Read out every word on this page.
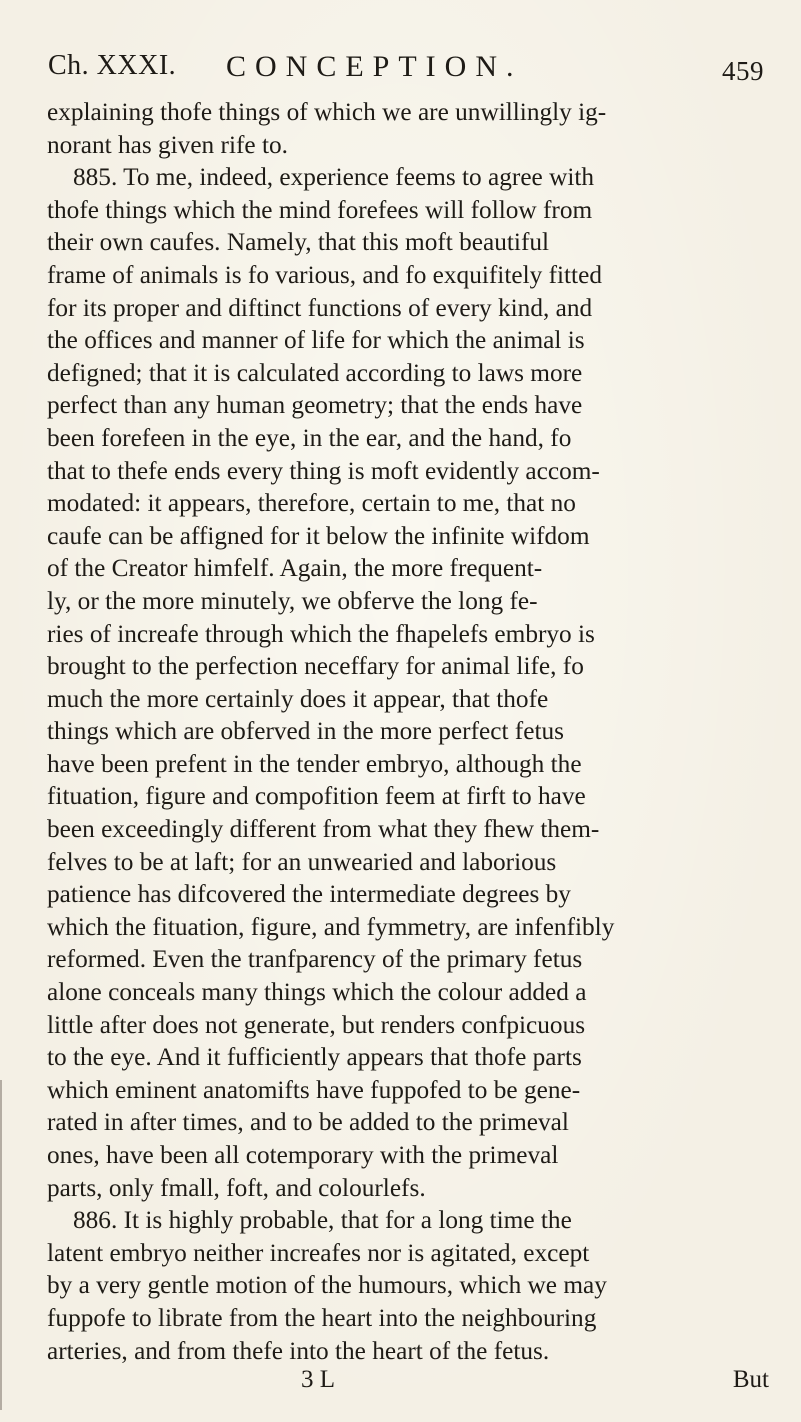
Ch. XXXI. CONCEPTION.	459

explaining thofe things of which we are unwillingly ig-

norant has given rife to.

885. To me, indeed, experience feems to agree with

thofe things which the mind forefees will follow from

their own caufes. Namely, that this moft beautiful

frame of animals is fo various, and fo exquifitely fitted

for its proper and diftinct functions of every kind, and

the offices and manner of life for which the animal is

defigned; that it is calculated according to laws more

perfect than any human geometry; that the ends have

been forefeen in the eye, in the ear, and the hand, fo

that to thefe ends every thing is moft evidently accom-

modated: it appears, therefore, certain to me, that no

caufe can be affigned for it below the infinite wifdom

of the Creator himfelf. Again, the more frequent-

ly, or the more minutely, we obferve the long fe-

ries of increafe through which the fhapelefs embryo is

brought to the perfection neceffary for animal life, fo

much the more certainly does it appear, that thofe

things which are obferved in the more perfect fetus

have been prefent in the tender embryo, although the

fituation, figure and compofition feem at firft to have

been exceedingly different from what they fhew them-

felves to be at laft; for an unwearied and laborious

patience has difcovered the intermediate degrees by

which the fituation, figure, and fymmetry, are infenfibly

reformed. Even the tranfparency of the primary fetus

alone conceals many things which the colour added a

little after does not generate, but renders confpicuous

to the eye. And it fufficiently appears that thofe parts

which eminent anatomifts have fuppofed to be gene-

rated in after times, and to be added to the primeval

ones, have been all cotemporary with the primeval

parts, only fmall, foft, and colourlefs.

886. It is highly probable, that for a long time the

latent embryo neither increafes nor is agitated, except

by a very gentle motion of the humours, which we may

fuppofe to librate from the heart into the neighbouring

arteries, and from thefe into the heart of the fetus.

3 L	But
